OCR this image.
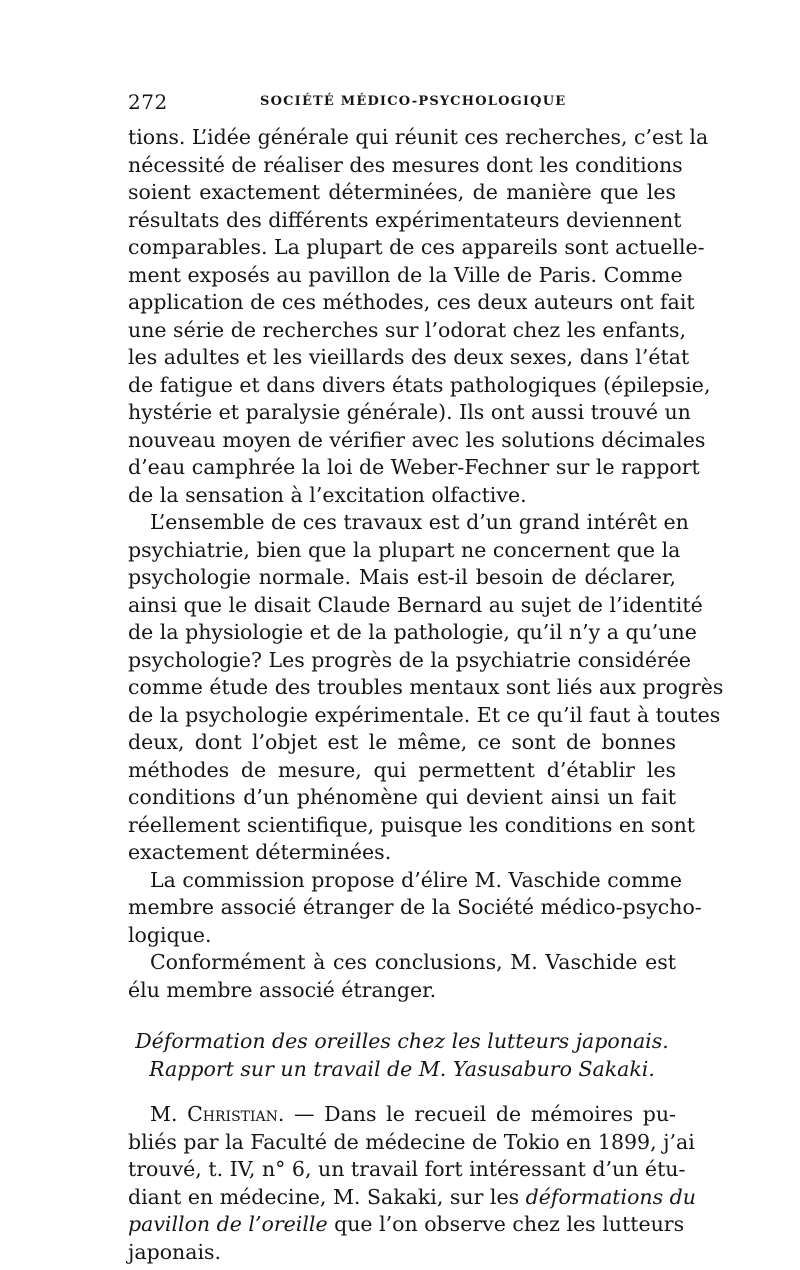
272	SOCIÉTÉ MÉDICO-PSYCHOLOGIQUE
tions. L’idée générale qui réunit ces recherches, c’est la
nécessité de réaliser des mesures dont les conditions
soient exactement déterminées, de manière que les
résultats des différents expérimentateurs deviennent
comparables. La plupart de ces appareils sont actuelle-
ment exposés au pavillon de la Ville de Paris. Comme
application de ces méthodes, ces deux auteurs ont fait
une série de recherches sur l’odorat chez les enfants,
les adultes et les vieillards des deux sexes, dans l’état
de fatigue et dans divers états pathologiques (épilepsie,
hystérie et paralysie générale). Ils ont aussi trouvé un
nouveau moyen de vérifier avec les solutions décimales
d’eau camphrée la loi de Weber-Fechner sur le rapport
de la sensation à l’excitation olfactive.
L’ensemble de ces travaux est d’un grand intérêt en
psychiatrie, bien que la plupart ne concernent que la
psychologie normale. Mais est-il besoin de déclarer,
ainsi que le disait Claude Bernard au sujet de l’identité
de la physiologie et de la pathologie, qu’il n’y a qu’une
psychologie? Les progrès de la psychiatrie considérée
comme étude des troubles mentaux sont liés aux progrès
de la psychologie expérimentale. Et ce qu’il faut à toutes
deux, dont l’objet est le même, ce sont de bonnes
méthodes de mesure, qui permettent d’établir les
conditions d’un phénomène qui devient ainsi un fait
réellement scientifique, puisque les conditions en sont
exactement déterminées.
La commission propose d’élire M. Vaschide comme
membre associé étranger de la Société médico-psycho-
logique.
Conformément à ces conclusions, M. Vaschide est
élu membre associé étranger.
Déformation des oreilles chez les lutteurs japonais.
Rapport sur un travail de M. Yasusaburo Sakaki.
M. Christian. — Dans le recueil de mémoires pu-
bliés par la Faculté de médecine de Tokio en 1899, j’ai
trouvé, t. IV, n° 6, un travail fort intéressant d’un étu-
diant en médecine, M. Sakaki, sur les déformations du
pavillon de l’oreille que l’on observe chez les lutteurs
japonais.
